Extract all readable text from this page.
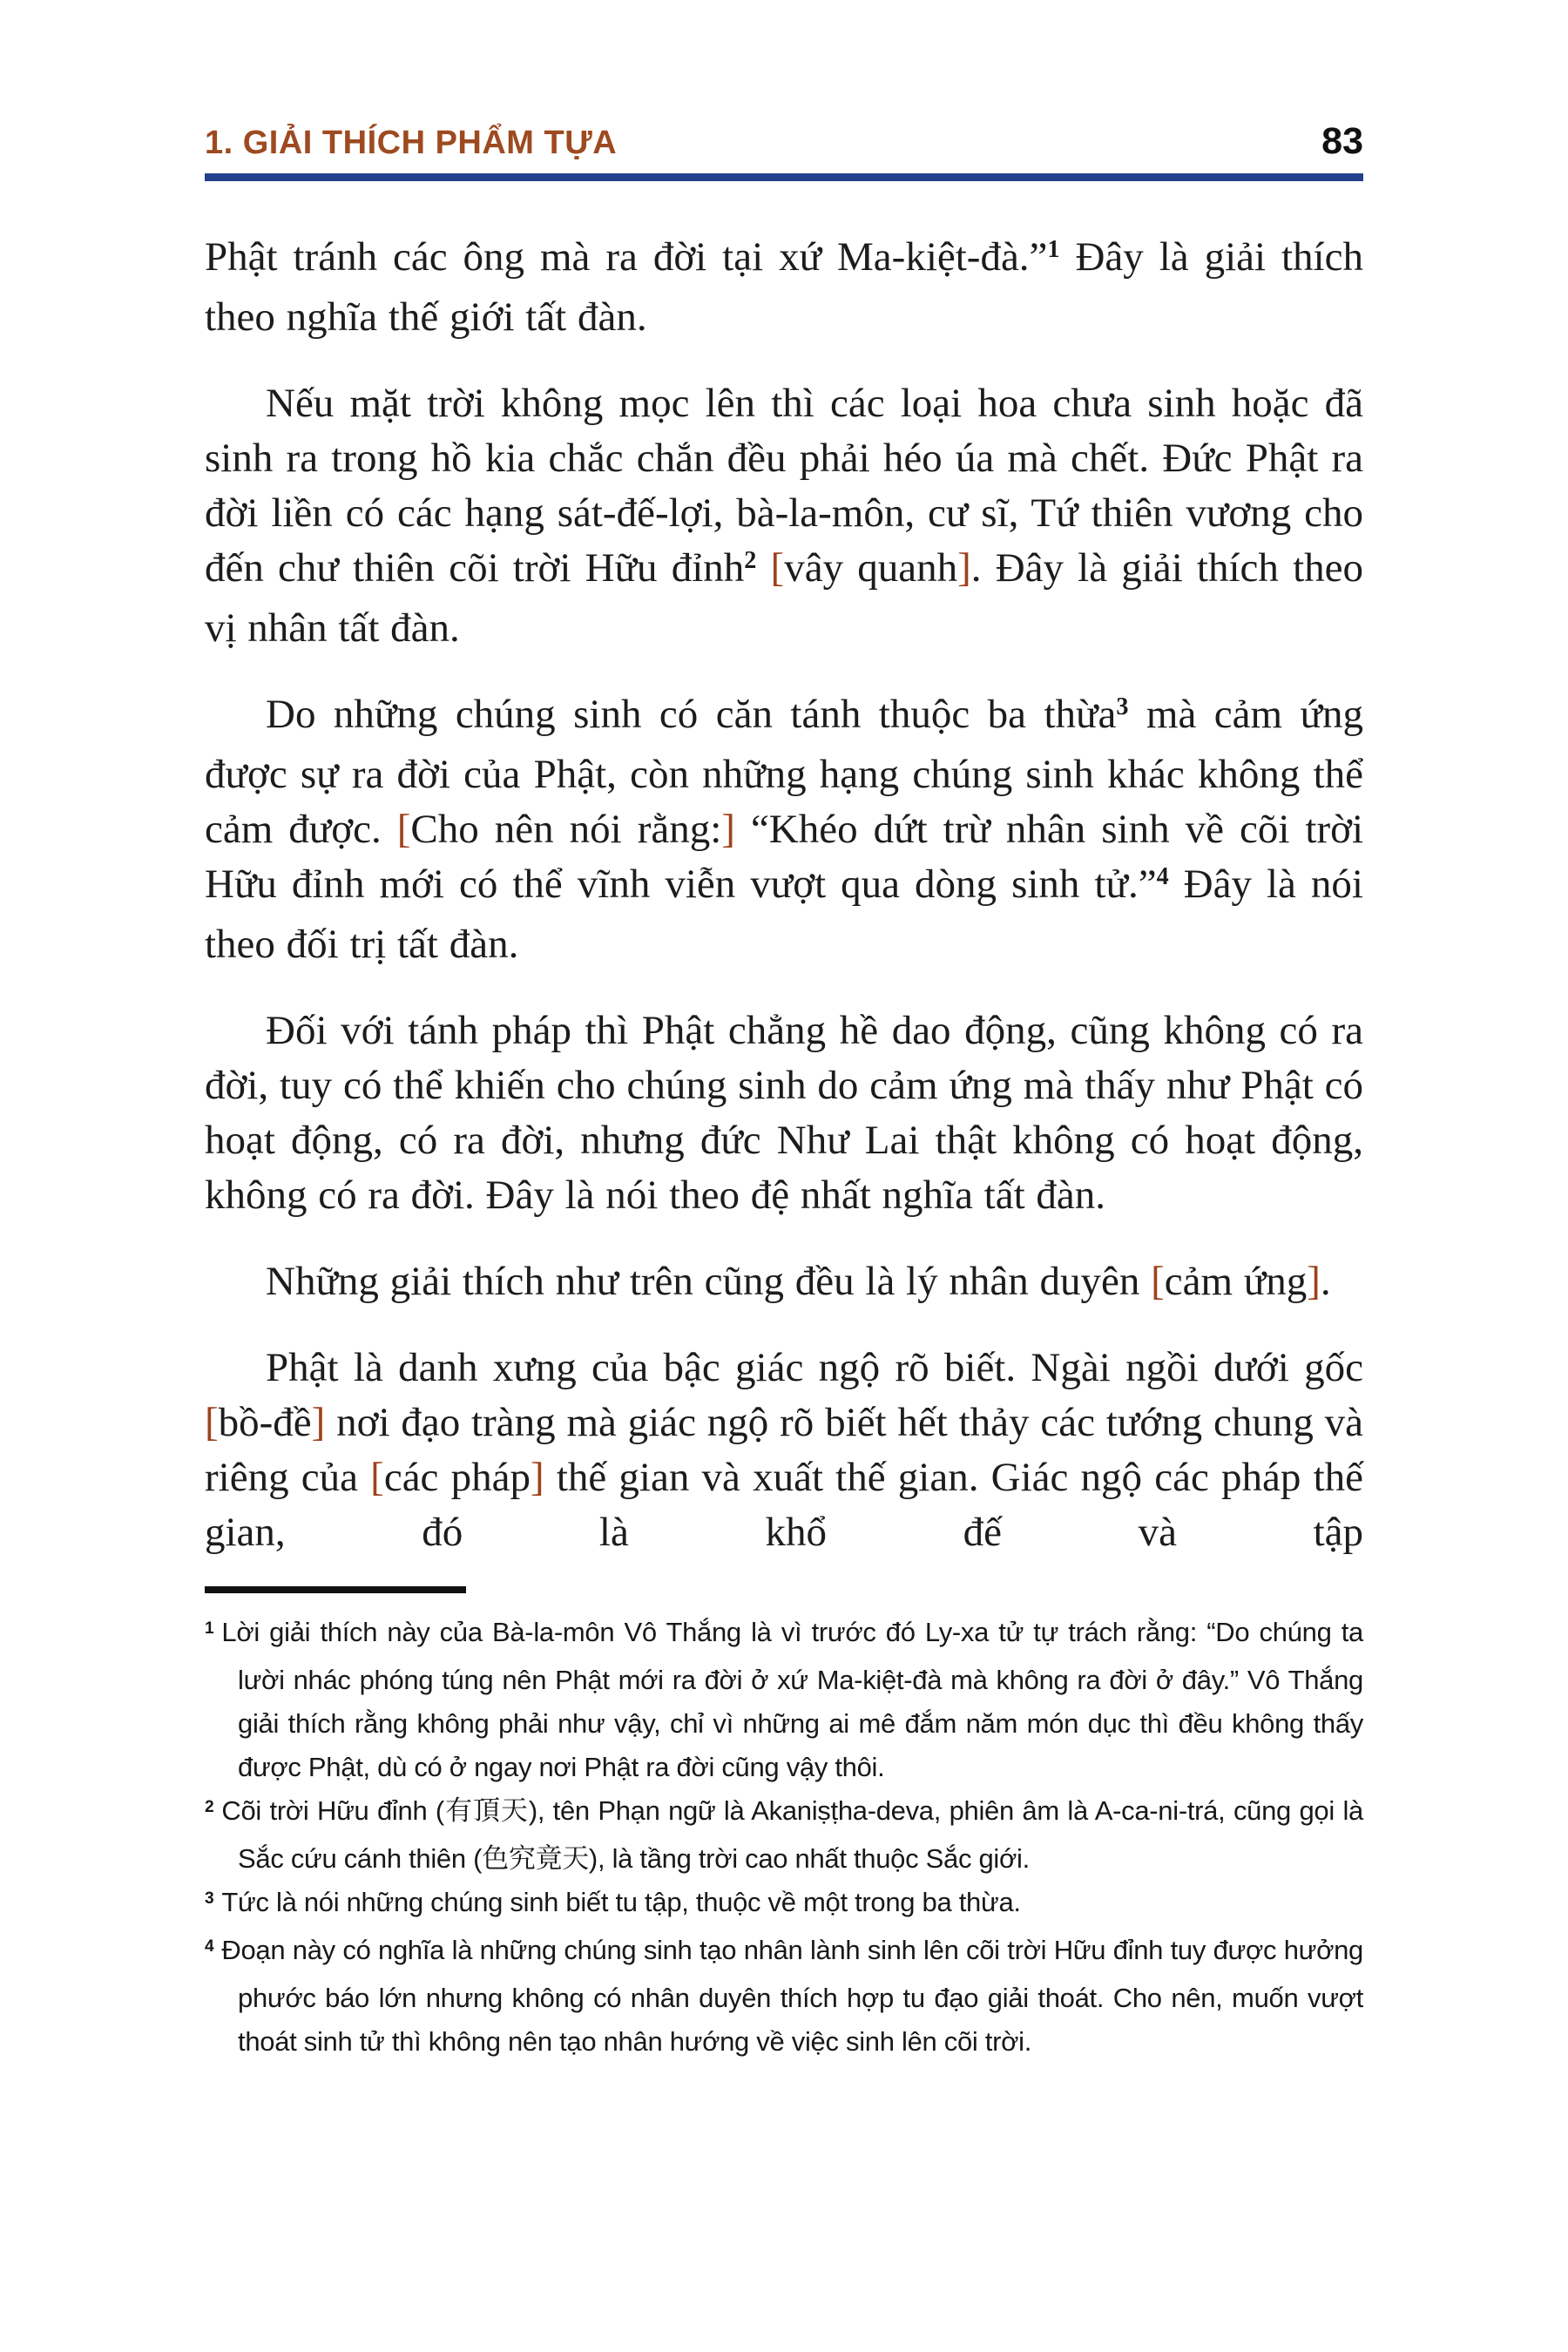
1. GIẢI THÍCH PHẨM TỰA	83

Phật tránh các ông mà ra đời tại xứ Ma-kiệt-đà.”$^1$ Đây là giải thích theo nghĩa thế giới tất đàn.

Nếu mặt trời không mọc lên thì các loại hoa chưa sinh hoặc đã sinh ra trong hồ kia chắc chắn đều phải héo úa mà chết. Đức Phật ra đời liền có các hạng sát-đế-lợi, bà-la-môn, cư sĩ, Tứ thiên vương cho đến chư thiên cõi trời Hữu đỉnh$^2$ [vây quanh]. Đây là giải thích theo vị nhân tất đàn.

Do những chúng sinh có căn tánh thuộc ba thừa$^3$ mà cảm ứng được sự ra đời của Phật, còn những hạng chúng sinh khác không thể cảm được. [Cho nên nói rằng:] “Khéo dứt trừ nhân sinh về cõi trời Hữu đỉnh mới có thể vĩnh viễn vượt qua dòng sinh tử.”$^4$ Đây là nói theo đối trị tất đàn.

Đối với tánh pháp thì Phật chẳng hề dao động, cũng không có ra đời, tuy có thể khiến cho chúng sinh do cảm ứng mà thấy như Phật có hoạt động, có ra đời, nhưng đức Như Lai thật không có hoạt động, không có ra đời. Đây là nói theo đệ nhất nghĩa tất đàn.

Những giải thích như trên cũng đều là lý nhân duyên [cảm ứng].

Phật là danh xưng của bậc giác ngộ rõ biết. Ngài ngồi dưới gốc [bồ-đề] nơi đạo tràng mà giác ngộ rõ biết hết thảy các tướng chung và riêng của [các pháp] thế gian và xuất thế gian. Giác ngộ các pháp thế gian, đó là khổ đế và tập

$^1$ Lời giải thích này của Bà-la-môn Vô Thắng là vì trước đó Ly-xa tử tự trách rằng: “Do chúng ta lười nhác phóng túng nên Phật mới ra đời ở xứ Ma-kiệt-đà mà không ra đời ở đây.” Vô Thắng giải thích rằng không phải như vậy, chỉ vì những ai mê đắm năm món dục thì đều không thấy được Phật, dù có ở ngay nơi Phật ra đời cũng vậy thôi.

$^2$ Cõi trời Hữu đỉnh (有頂天), tên Phạn ngữ là Akaniṣṭha-deva, phiên âm là A-ca-ni-trá, cũng gọi là Sắc cứu cánh thiên (色究竟天), là tầng trời cao nhất thuộc Sắc giới.

$^3$ Tức là nói những chúng sinh biết tu tập, thuộc về một trong ba thừa.

$^4$ Đoạn này có nghĩa là những chúng sinh tạo nhân lành sinh lên cõi trời Hữu đỉnh tuy được hưởng phước báo lớn nhưng không có nhân duyên thích hợp tu đạo giải thoát. Cho nên, muốn vượt thoát sinh tử thì không nên tạo nhân hướng về việc sinh lên cõi trời.
